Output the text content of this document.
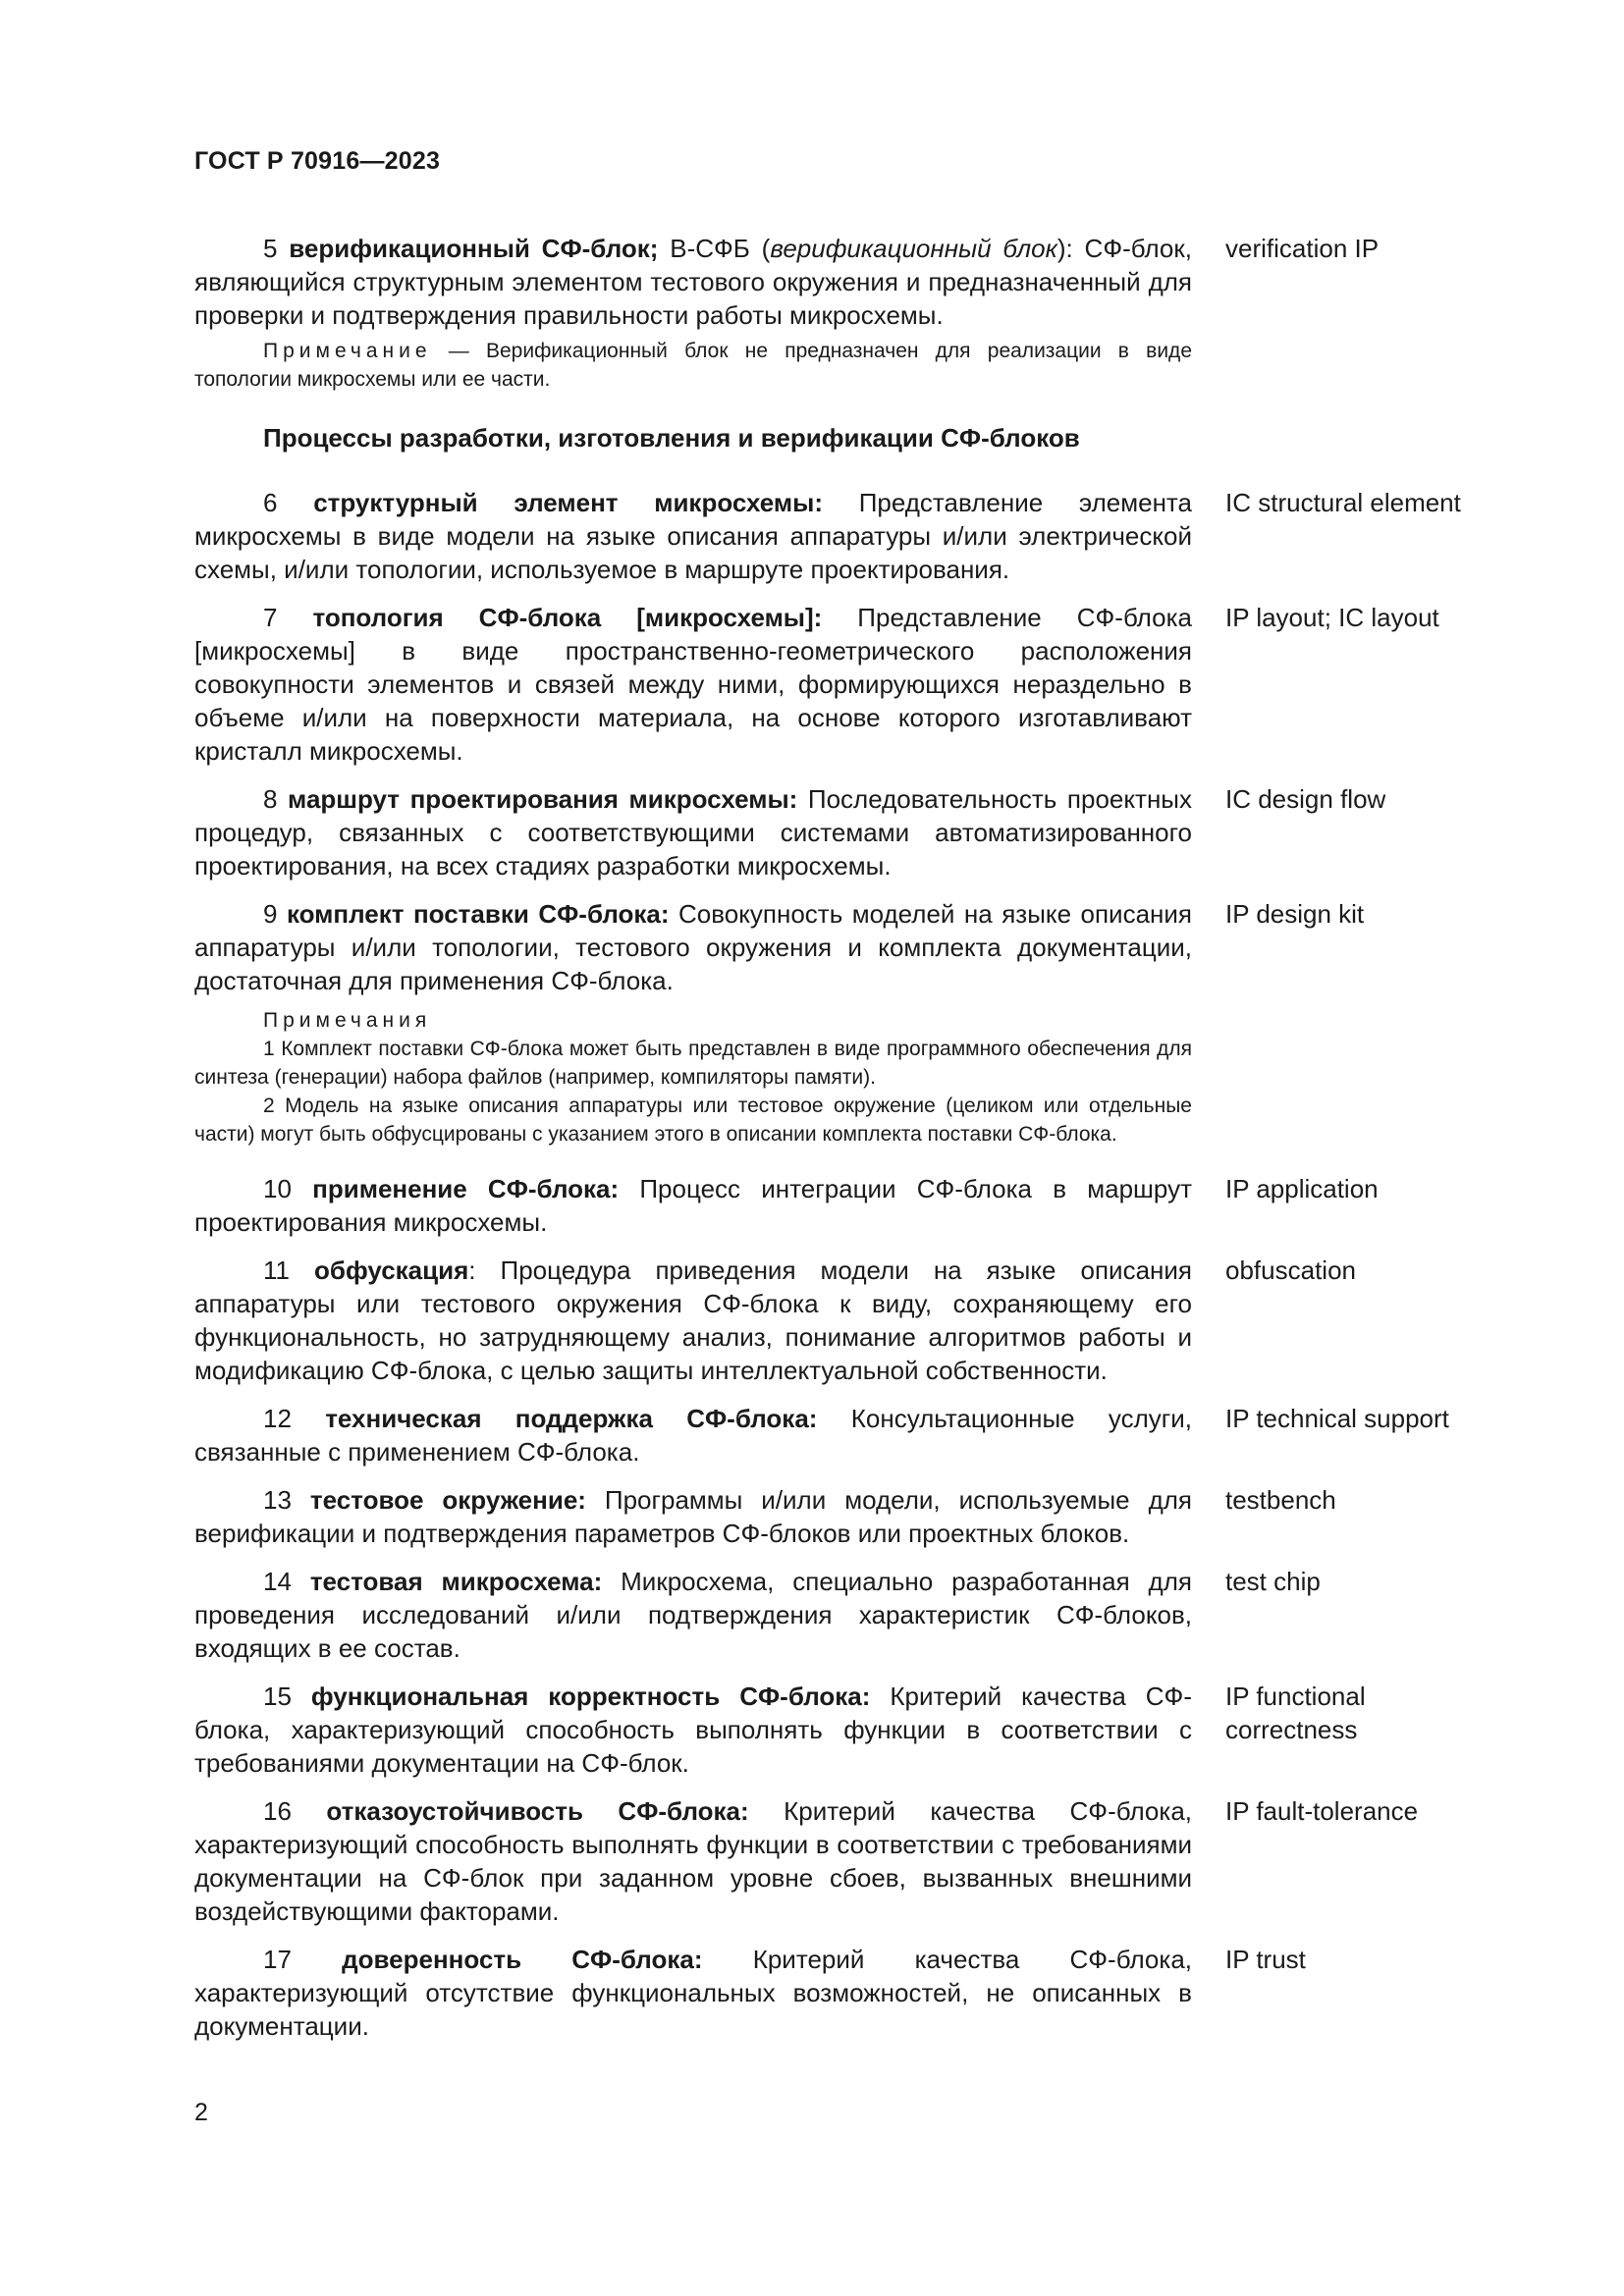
ГОСТ Р 70916—2023
5 верификационный СФ-блок; В-СФБ (верификационный блок): СФ-блок, являющийся структурным элементом тестового окружения и предназначенный для проверки и подтверждения правильности работы микросхемы.
verification IP
Примечание — Верификационный блок не предназначен для реализации в виде топологии микросхемы или ее части.
Процессы разработки, изготовления и верификации СФ-блоков
6 структурный элемент микросхемы: Представление элемента микросхемы в виде модели на языке описания аппаратуры и/или электрической схемы, и/или топологии, используемое в маршруте проектирования.
IC structural element
7 топология СФ-блока [микросхемы]: Представление СФ-блока [микросхемы] в виде пространственно-геометрического расположения совокупности элементов и связей между ними, формирующихся нераздельно в объеме и/или на поверхности материала, на основе которого изготавливают кристалл микросхемы.
IP layout; IC layout
8 маршрут проектирования микросхемы: Последовательность проектных процедур, связанных с соответствующими системами автоматизированного проектирования, на всех стадиях разработки микросхемы.
IC design flow
9 комплект поставки СФ-блока: Совокупность моделей на языке описания аппаратуры и/или топологии, тестового окружения и комплекта документации, достаточная для применения СФ-блока.
IP design kit
Примечания
1 Комплект поставки СФ-блока может быть представлен в виде программного обеспечения для синтеза (генерации) набора файлов (например, компиляторы памяти).
2 Модель на языке описания аппаратуры или тестовое окружение (целиком или отдельные части) могут быть обфусцированы с указанием этого в описании комплекта поставки СФ-блока.
10 применение СФ-блока: Процесс интеграции СФ-блока в маршрут проектирования микросхемы.
IP application
11 обфускация: Процедура приведения модели на языке описания аппаратуры или тестового окружения СФ-блока к виду, сохраняющему его функциональность, но затрудняющему анализ, понимание алгоритмов работы и модификацию СФ-блока, с целью защиты интеллектуальной собственности.
obfuscation
12 техническая поддержка СФ-блока: Консультационные услуги, связанные с применением СФ-блока.
IP technical support
13 тестовое окружение: Программы и/или модели, используемые для верификации и подтверждения параметров СФ-блоков или проектных блоков.
testbench
14 тестовая микросхема: Микросхема, специально разработанная для проведения исследований и/или подтверждения характеристик СФ-блоков, входящих в ее состав.
test chip
15 функциональная корректность СФ-блока: Критерий качества СФ-блока, характеризующий способность выполнять функции в соответствии с требованиями документации на СФ-блок.
IP functional correctness
16 отказоустойчивость СФ-блока: Критерий качества СФ-блока, характеризующий способность выполнять функции в соответствии с требованиями документации на СФ-блок при заданном уровне сбоев, вызванных внешними воздействующими факторами.
IP fault-tolerance
17 доверенность СФ-блока: Критерий качества СФ-блока, характеризующий отсутствие функциональных возможностей, не описанных в документации.
IP trust
2
